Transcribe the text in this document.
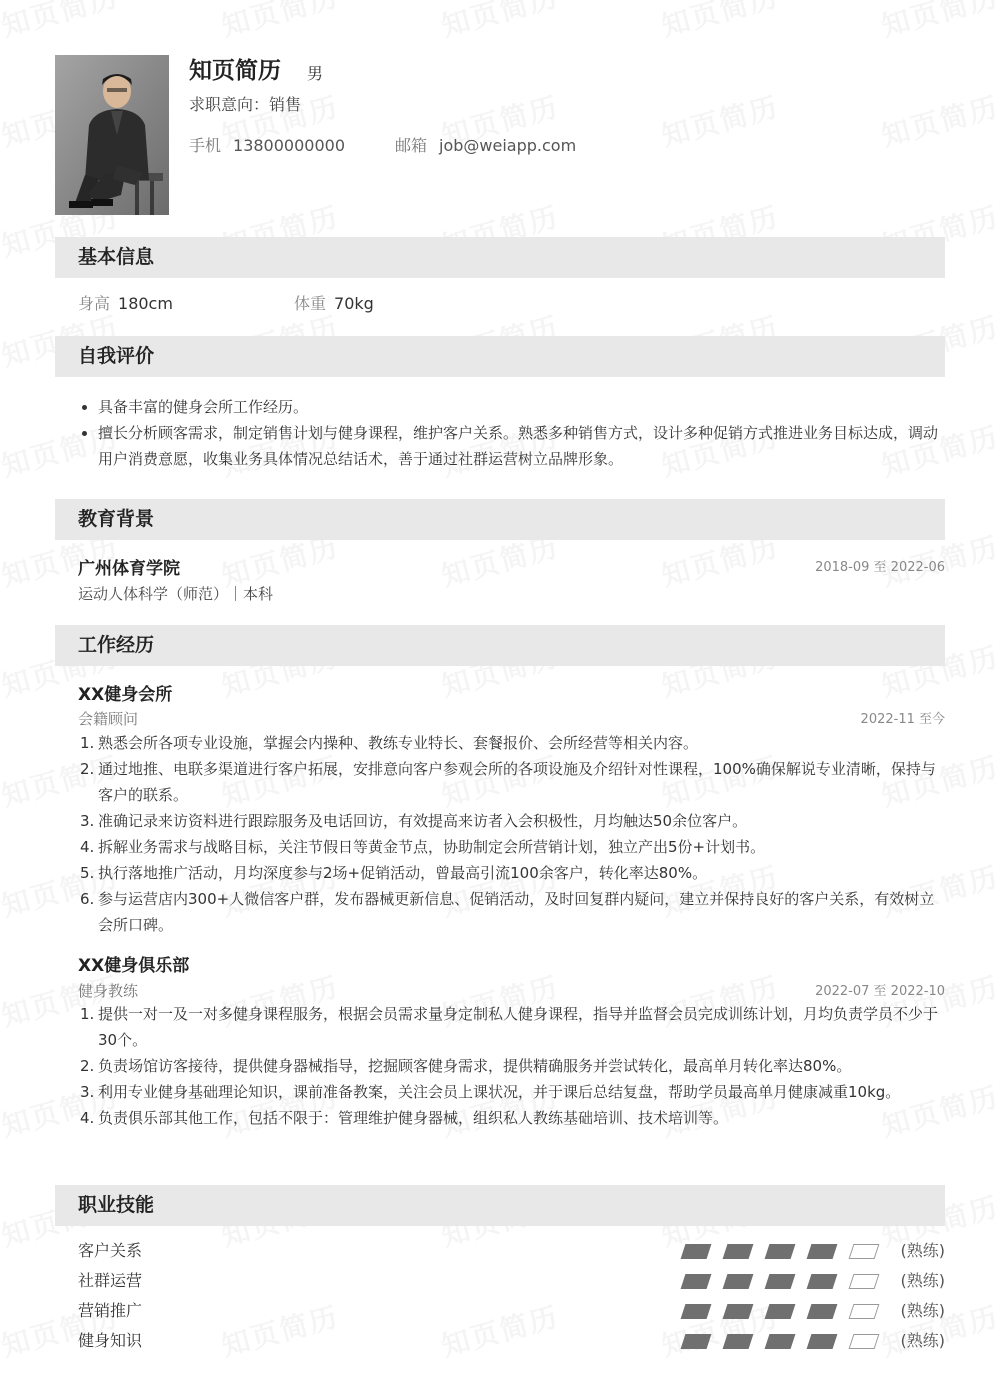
知页简历 男
求职意向：销售
手机 13800000000	邮箱 job@weiapp.com
基本信息
身高 180cm	体重 70kg
自我评价
具备丰富的健身会所工作经历。
擅长分析顾客需求，制定销售计划与健身课程，维护客户关系。熟悉多种销售方式，设计多种促销方式推进业务目标达成，调动用户消费意愿，收集业务具体情况总结话术，善于通过社群运营树立品牌形象。
教育背景
广州体育学院	2018-09 至 2022-06
运动人体科学（师范）｜本科
工作经历
XX健身会所
会籍顾问	2022-11 至今
1. 熟悉会所各项专业设施，掌握会内操种、教练专业特长、套餐报价、会所经营等相关内容。
2. 通过地推、电联多渠道进行客户拓展，安排意向客户参观会所的各项设施及介绍针对性课程，100%确保解说专业清晰，保持与客户的联系。
3. 准确记录来访资料进行跟踪服务及电话回访，有效提高来访者入会积极性，月均触达50余位客户。
4. 拆解业务需求与战略目标，关注节假日等黄金节点，协助制定会所营销计划，独立产出5份+计划书。
5. 执行落地推广活动，月均深度参与2场+促销活动，曾最高引流100余客户，转化率达80%。
6. 参与运营店内300+人微信客户群，发布器械更新信息、促销活动，及时回复群内疑问，建立并保持良好的客户关系，有效树立会所口碑。
XX健身俱乐部
健身教练	2022-07 至 2022-10
1. 提供一对一及一对多健身课程服务，根据会员需求量身定制私人健身课程，指导并监督会员完成训练计划，月均负责学员不少于30个。
2. 负责场馆访客接待，提供健身器械指导，挖掘顾客健身需求，提供精确服务并尝试转化，最高单月转化率达80%。
3. 利用专业健身基础理论知识，课前准备教案，关注会员上课状况，并于课后总结复盘，帮助学员最高单月健康减重10kg。
4. 负责俱乐部其他工作，包括不限于：管理维护健身器械，组织私人教练基础培训、技术培训等。
职业技能
客户关系	(熟练)
社群运营	(熟练)
营销推广	(熟练)
健身知识	(熟练)
